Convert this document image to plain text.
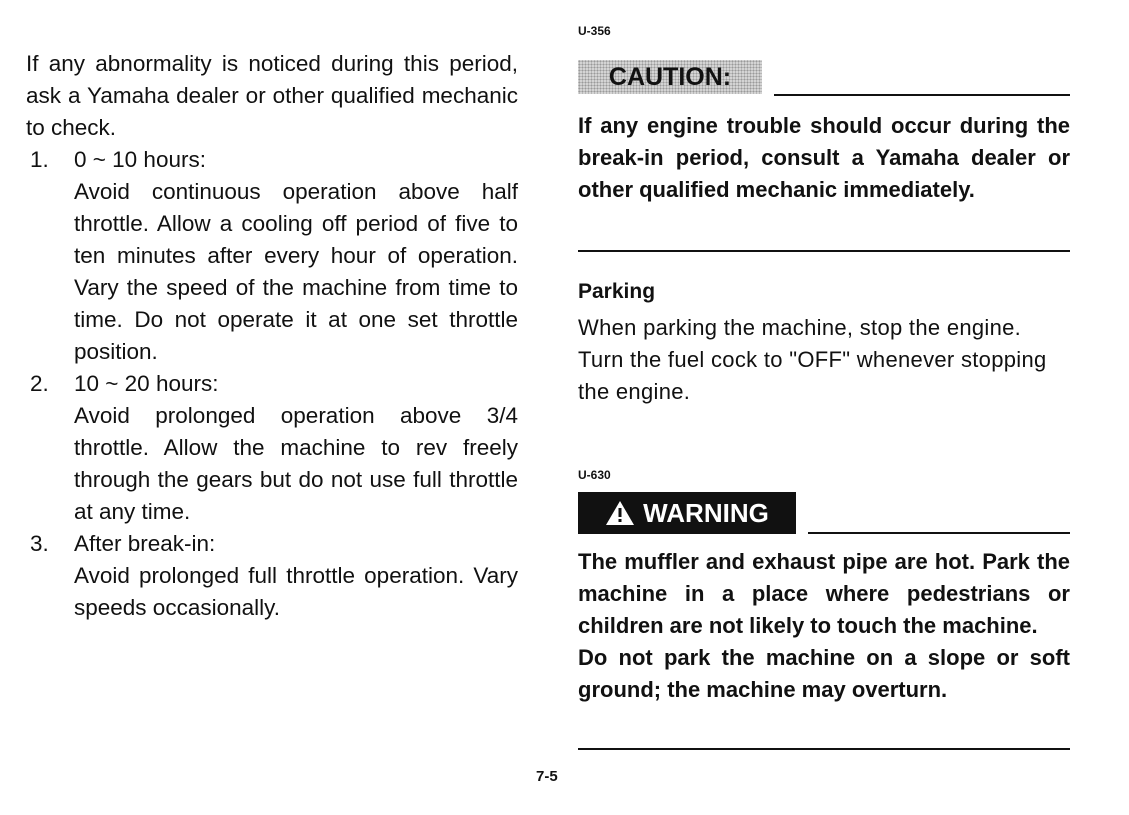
If any abnormality is noticed during this period, ask a Yamaha dealer or other qualified mechanic to check.
1. 0 ~ 10 hours:
Avoid continuous operation above half throttle. Allow a cooling off period of five to ten minutes after every hour of operation. Vary the speed of the machine from time to time. Do not operate it at one set throttle position.
2. 10 ~ 20 hours:
Avoid prolonged operation above 3/4 throttle. Allow the machine to rev freely through the gears but do not use full throttle at any time.
3. After break-in:
Avoid prolonged full throttle operation. Vary speeds occasionally.
U-356
CAUTION:
If any engine trouble should occur during the break-in period, consult a Yamaha dealer or other qualified mechanic immediately.
Parking
When parking the machine, stop the engine.
Turn the fuel cock to "OFF" whenever stopping the engine.
U-630
WARNING
The muffler and exhaust pipe are hot. Park the machine in a place where pedestrians or children are not likely to touch the machine.
Do not park the machine on a slope or soft ground; the machine may overturn.
7-5
